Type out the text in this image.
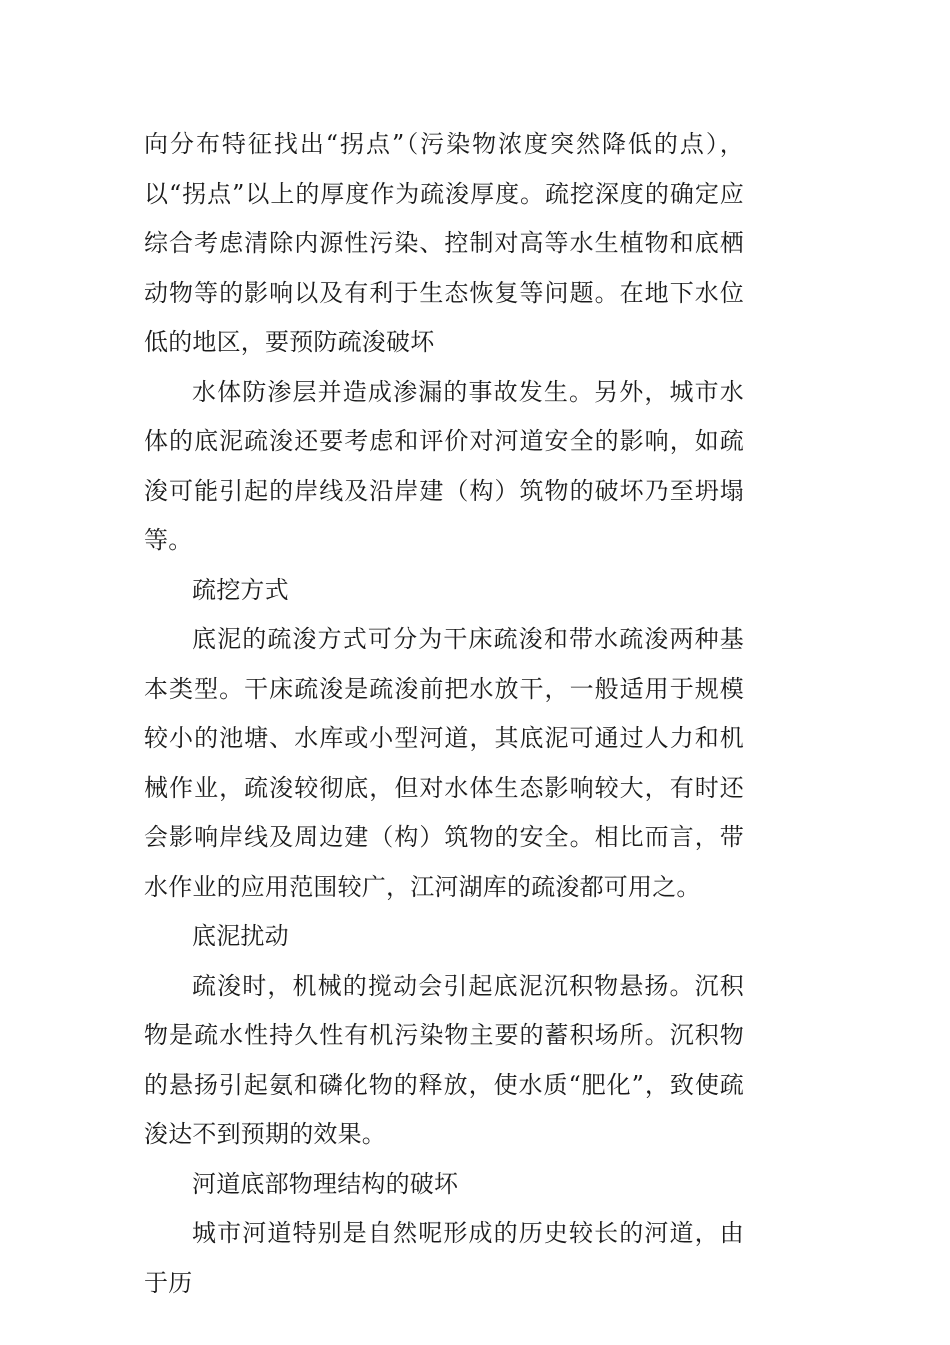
向分布特征找出“拐点”（污染物浓度突然降低的点），以“拐点”以上的厚度作为疏浚厚度。疏挖深度的确定应综合考虑清除内源性污染、控制对高等水生植物和底栖动物等的影响以及有利于生态恢复等问题。在地下水位低的地区，要预防疏浚破坏

水体防渗层并造成渗漏的事故发生。另外，城市水体的底泥疏浚还要考虑和评价对河道安全的影响，如疏浚可能引起的岸线及沿岸建（构）筑物的破坏乃至坍塌等。

疏挖方式

底泥的疏浚方式可分为干床疏浚和带水疏浚两种基本类型。干床疏浚是疏浚前把水放干，一般适用于规模较小的池塘、水库或小型河道，其底泥可通过人力和机械作业，疏浚较彻底，但对水体生态影响较大，有时还会影响岸线及周边建（构）筑物的安全。相比而言，带水作业的应用范围较广，江河湖库的疏浚都可用之。

底泥扰动

疏浚时，机械的搅动会引起底泥沉积物悬扬。沉积物是疏水性持久性有机污染物主要的蓄积场所。沉积物的悬扬引起氨和磷化物的释放，使水质“肥化”，致使疏浚达不到预期的效果。

河道底部物理结构的破坏

城市河道特别是自然呢形成的历史较长的河道，由于历
